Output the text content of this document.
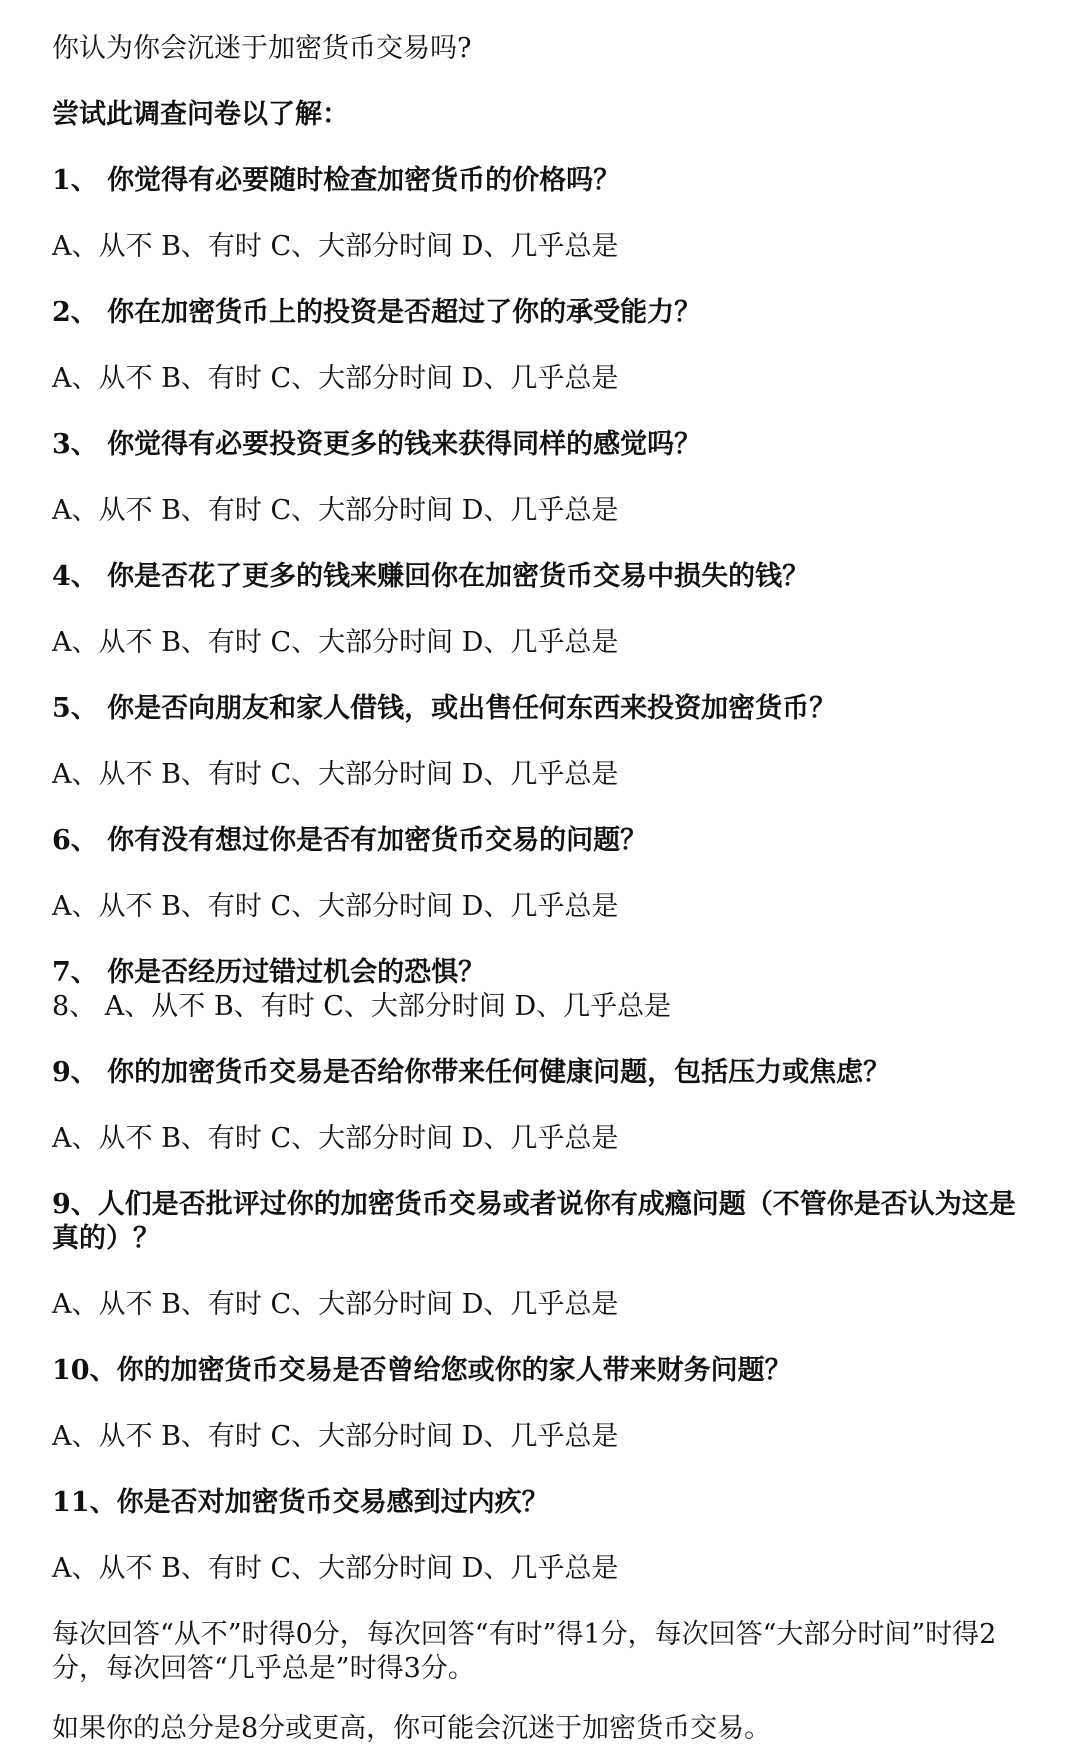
你认为你会沉迷于加密货币交易吗?
尝试此调查问卷以了解：
1、 你觉得有必要随时检查加密货币的价格吗？
A、从不 B、有时 C、大部分时间 D、几乎总是
2、 你在加密货币上的投资是否超过了你的承受能力？
A、从不 B、有时 C、大部分时间 D、几乎总是
3、 你觉得有必要投资更多的钱来获得同样的感觉吗？
A、从不 B、有时 C、大部分时间 D、几乎总是
4、 你是否花了更多的钱来赚回你在加密货币交易中损失的钱？
A、从不 B、有时 C、大部分时间 D、几乎总是
5、 你是否向朋友和家人借钱，或出售任何东西来投资加密货币？
A、从不 B、有时 C、大部分时间 D、几乎总是
6、 你有没有想过你是否有加密货币交易的问题？
A、从不 B、有时 C、大部分时间 D、几乎总是
7、 你是否经历过错过机会的恐惧？
8、 A、从不 B、有时 C、大部分时间 D、几乎总是
9、 你的加密货币交易是否给你带来任何健康问题，包括压力或焦虑？
A、从不 B、有时 C、大部分时间 D、几乎总是
9、人们是否批评过你的加密货币交易或者说你有成瘾问题（不管你是否认为这是真的）？
A、从不 B、有时 C、大部分时间 D、几乎总是
10、你的加密货币交易是否曾给您或你的家人带来财务问题？
A、从不 B、有时 C、大部分时间 D、几乎总是
11、你是否对加密货币交易感到过内疚？
A、从不 B、有时 C、大部分时间 D、几乎总是
每次回答“从不”时得0分，每次回答“有时”得1分，每次回答“大部分时间”时得2分，每次回答“几乎总是”时得3分。
如果你的总分是8分或更高，你可能会沉迷于加密货币交易。
